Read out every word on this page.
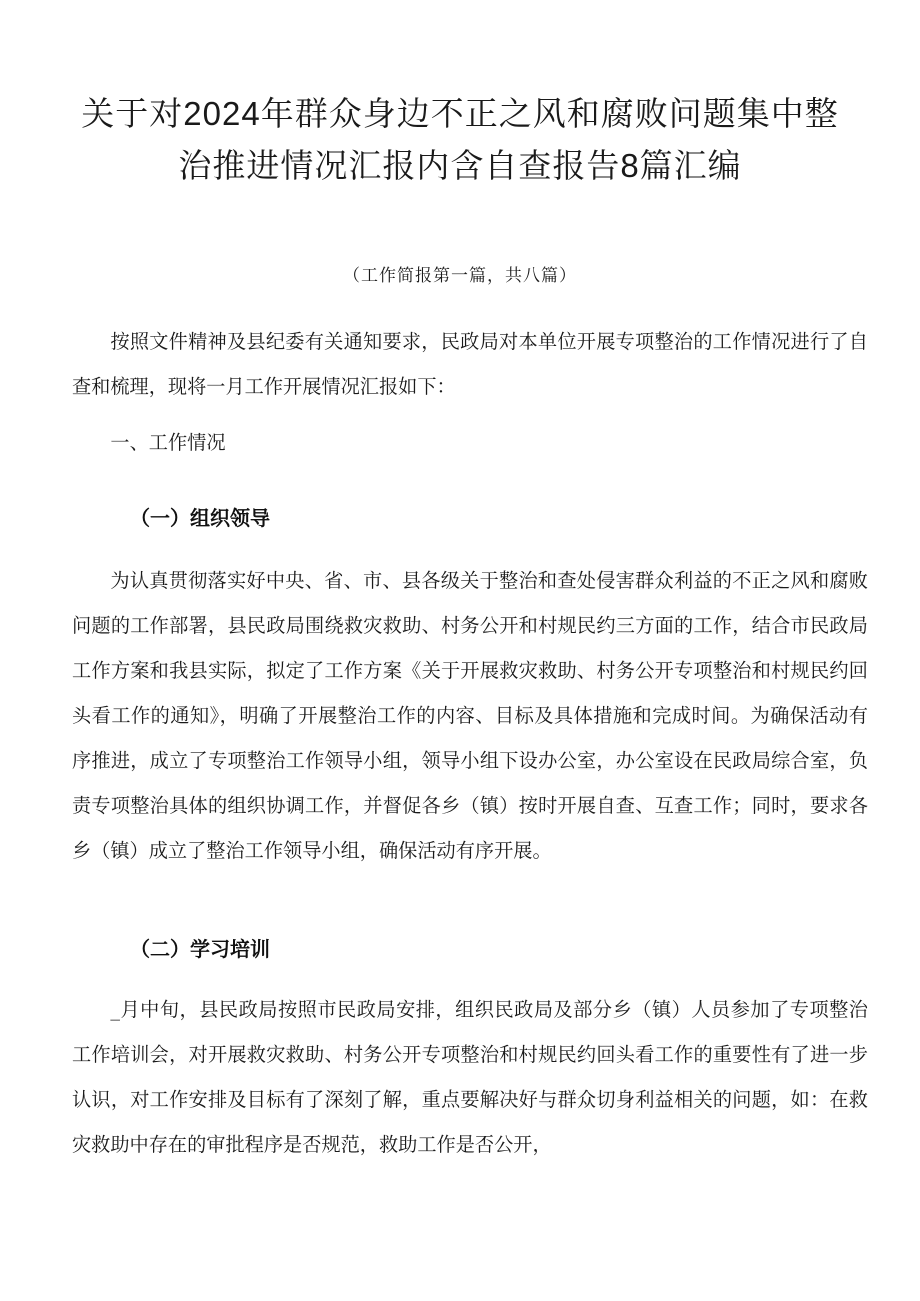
关于对2024年群众身边不正之风和腐败问题集中整
治推进情况汇报内含自查报告8篇汇编
（工作简报第一篇，共八篇）

按照文件精神及县纪委有关通知要求，民政局对本单位开展专项整治的工作情况进行了自查和梳理，现将一月工作开展情况汇报如下：

一、工作情况

（一）组织领导

为认真贯彻落实好中央、省、市、县各级关于整治和查处侵害群众利益的不正之风和腐败问题的工作部署，县民政局围绕救灾救助、村务公开和村规民约三方面的工作，结合市民政局工作方案和我县实际，拟定了工作方案《关于开展救灾救助、村务公开专项整治和村规民约回头看工作的通知》，明确了开展整治工作的内容、目标及具体措施和完成时间。为确保活动有序推进，成立了专项整治工作领导小组，领导小组下设办公室，办公室设在民政局综合室，负责专项整治具体的组织协调工作，并督促各乡（镇）按时开展自查、互查工作；同时，要求各乡（镇）成立了整治工作领导小组，确保活动有序开展。

（二）学习培训

_月中旬，县民政局按照市民政局安排，组织民政局及部分乡（镇）人员参加了专项整治工作培训会，对开展救灾救助、村务公开专项整治和村规民约回头看工作的重要性有了进一步认识，对工作安排及目标有了深刻了解，重点要解决好与群众切身利益相关的问题，如：在救灾救助中存在的审批程序是否规范，救助工作是否公开，
